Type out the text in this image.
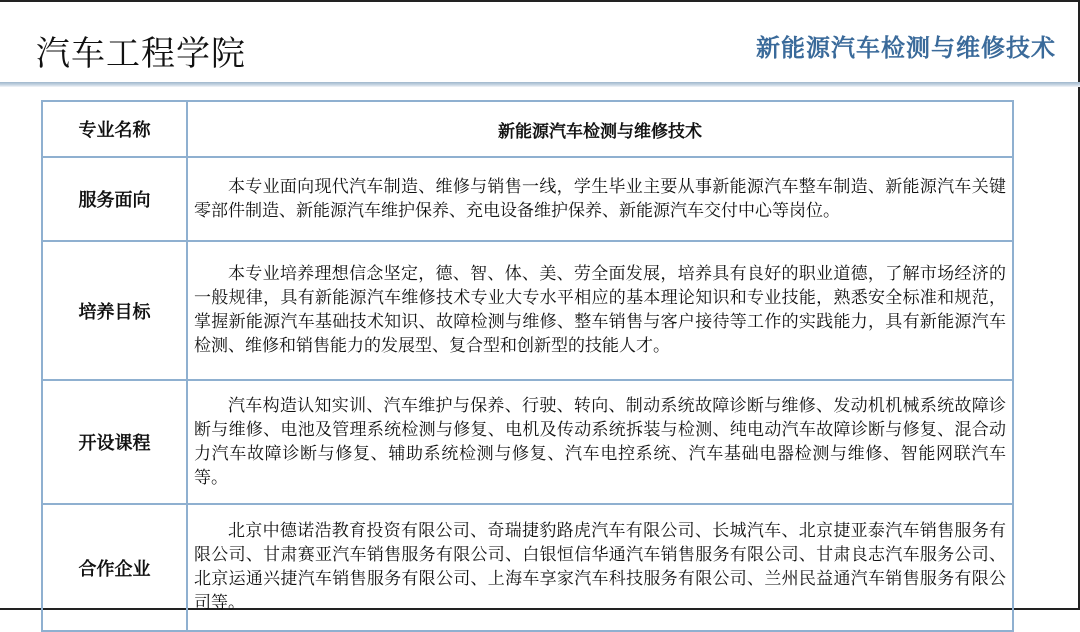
汽车工程学院	新能源汽车检测与维修技术
专业名称	新能源汽车检测与维修技术
服务面向	本专业面向现代汽车制造、维修与销售一线，学生毕业主要从事新能源汽车整车制造、新能源汽车关键零部件制造、新能源汽车维护保养、充电设备维护保养、新能源汽车交付中心等岗位。
培养目标	本专业培养理想信念坚定，德、智、体、美、劳全面发展，培养具有良好的职业道德，了解市场经济的一般规律，具有新能源汽车维修技术专业大专水平相应的基本理论知识和专业技能，熟悉安全标准和规范，掌握新能源汽车基础技术知识、故障检测与维修、整车销售与客户接待等工作的实践能力，具有新能源汽车检测、维修和销售能力的发展型、复合型和创新型的技能人才。
开设课程	汽车构造认知实训、汽车维护与保养、行驶、转向、制动系统故障诊断与维修、发动机机械系统故障诊断与维修、电池及管理系统检测与修复、电机及传动系统拆装与检测、纯电动汽车故障诊断与修复、混合动力汽车故障诊断与修复、辅助系统检测与修复、汽车电控系统、汽车基础电器检测与维修、智能网联汽车等。
合作企业	北京中德诺浩教育投资有限公司、奇瑞捷豹路虎汽车有限公司、长城汽车、北京捷亚泰汽车销售服务有限公司、甘肃赛亚汽车销售服务有限公司、白银恒信华通汽车销售服务有限公司、甘肃良志汽车服务公司、北京运通兴捷汽车销售服务有限公司、上海车享家汽车科技服务有限公司、兰州民益通汽车销售服务有限公司等。
